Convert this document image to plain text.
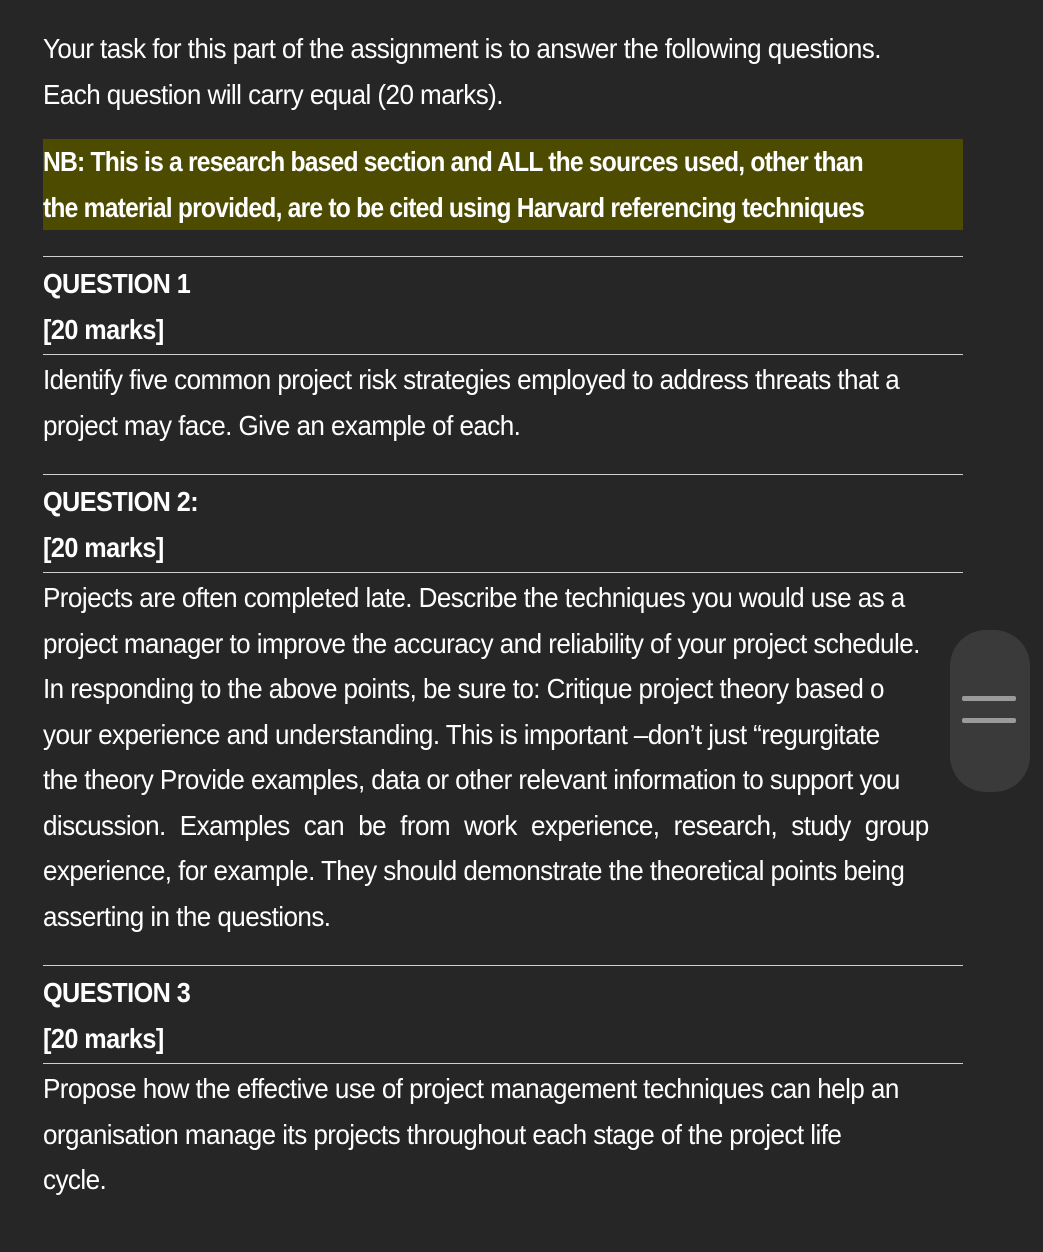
Your task for this part of the assignment is to answer the following questions.

Each question will carry equal (20 marks).

NB: This is a research based section and ALL the sources used, other than
the material provided, are to be cited using Harvard referencing techniques

QUESTION 1

[20 marks]

Identify five common project risk strategies employed to address threats that a

project may face. Give an example of each.

QUESTION 2:

[20 marks]

Projects are often completed late. Describe the techniques you would use as a

project manager to improve the accuracy and reliability of your project schedule.

In responding to the above points, be sure to: Critique project theory based o

your experience and understanding. This is important –don’t just “regurgitate

the theory Provide examples, data or other relevant information to support you

discussion. Examples can be from work experience, research, study group

experience, for example. They should demonstrate the theoretical points being

asserting in the questions.

QUESTION 3

[20 marks]

Propose how the effective use of project management techniques can help an

organisation manage its projects throughout each stage of the project life

cycle.
